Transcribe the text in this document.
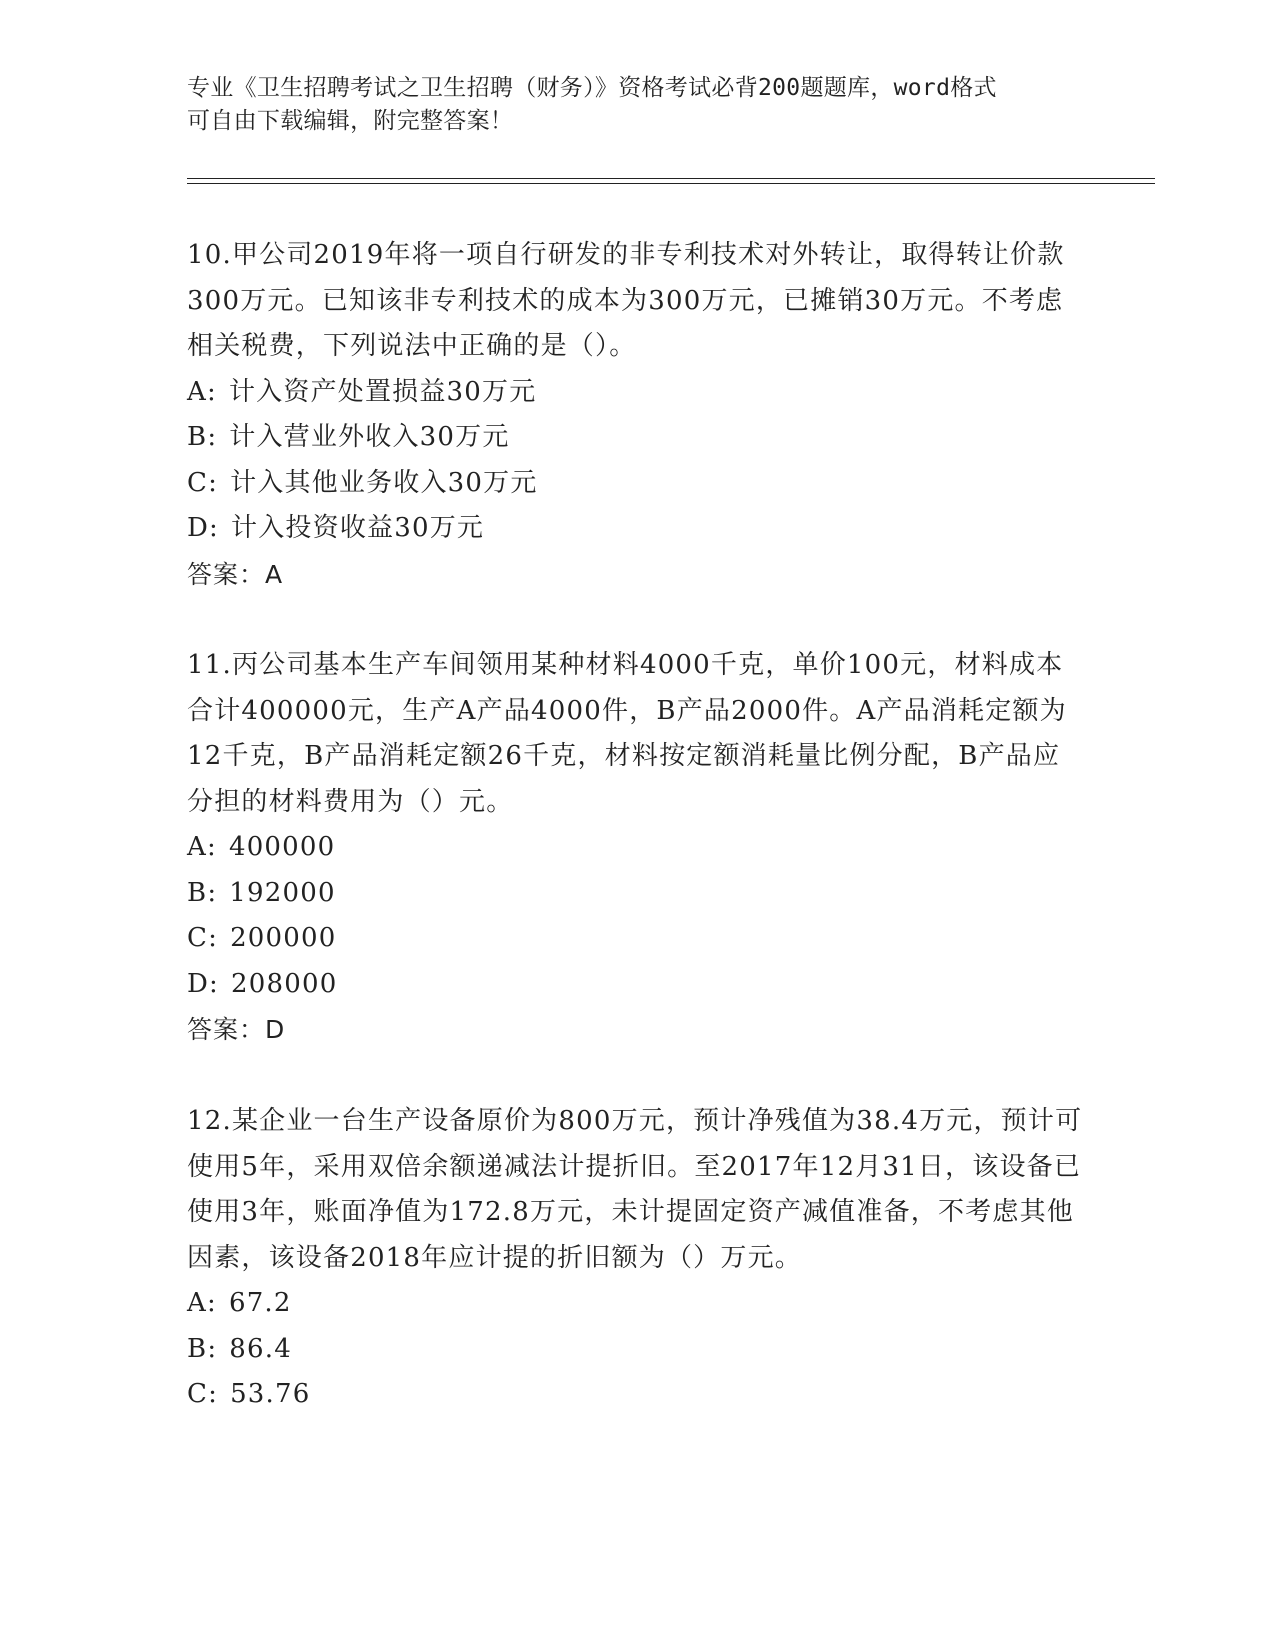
专业《卫生招聘考试之卫生招聘（财务）》资格考试必背200题题库，word格式
可自由下载编辑，附完整答案！

10.甲公司2019年将一项自行研发的非专利技术对外转让，取得转让价款300万元。已知该非专利技术的成本为300万元，已摊销30万元。不考虑相关税费，下列说法中正确的是（）。

A: 计入资产处置损益30万元
B: 计入营业外收入30万元
C: 计入其他业务收入30万元
D: 计入投资收益30万元
答案：A

11.丙公司基本生产车间领用某种材料4000千克，单价100元，材料成本合计400000元，生产A产品4000件，B产品2000件。A产品消耗定额为12千克，B产品消耗定额26千克，材料按定额消耗量比例分配，B产品应分担的材料费用为（）元。

A: 400000
B: 192000
C: 200000
D: 208000
答案：D

12.某企业一台生产设备原价为800万元，预计净残值为38.4万元，预计可使用5年，采用双倍余额递减法计提折旧。至2017年12月31日，该设备已使用3年，账面净值为172.8万元，未计提固定资产减值准备，不考虑其他因素，该设备2018年应计提的折旧额为（）万元。

A: 67.2
B: 86.4
C: 53.76
